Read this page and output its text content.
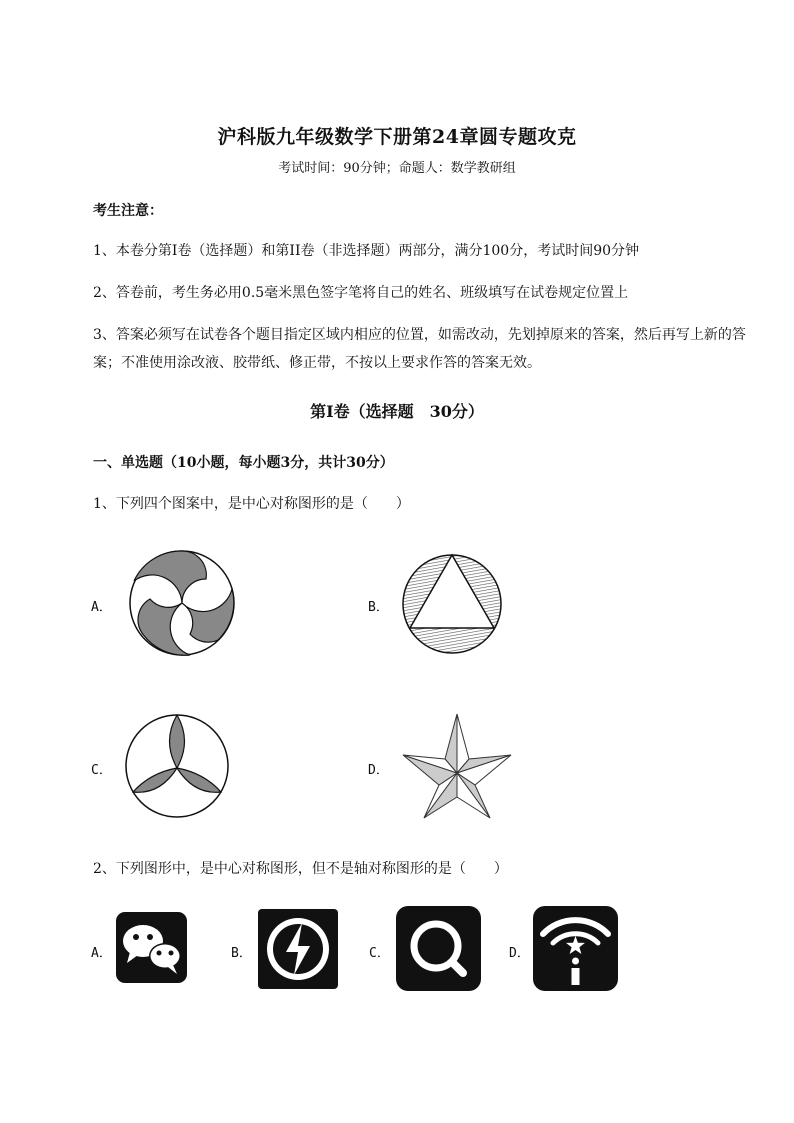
沪科版九年级数学下册第24章圆专题攻克
考试时间：90分钟；命题人：数学教研组
考生注意：
1、本卷分第I卷（选择题）和第II卷（非选择题）两部分，满分100分，考试时间90分钟
2、答卷前，考生务必用0.5毫米黑色签字笔将自己的姓名、班级填写在试卷规定位置上
3、答案必须写在试卷各个题目指定区域内相应的位置，如需改动，先划掉原来的答案，然后再写上新的答案；不准使用涂改液、胶带纸、修正带，不按以上要求作答的答案无效。
第I卷（选择题　30分）
一、单选题（10小题，每小题3分，共计30分）
1、下列四个图案中，是中心对称图形的是（　　）
A．	B．
C．	D．
2、下列图形中，是中心对称图形，但不是轴对称图形的是（　　）
A．	B．	C．	D．
